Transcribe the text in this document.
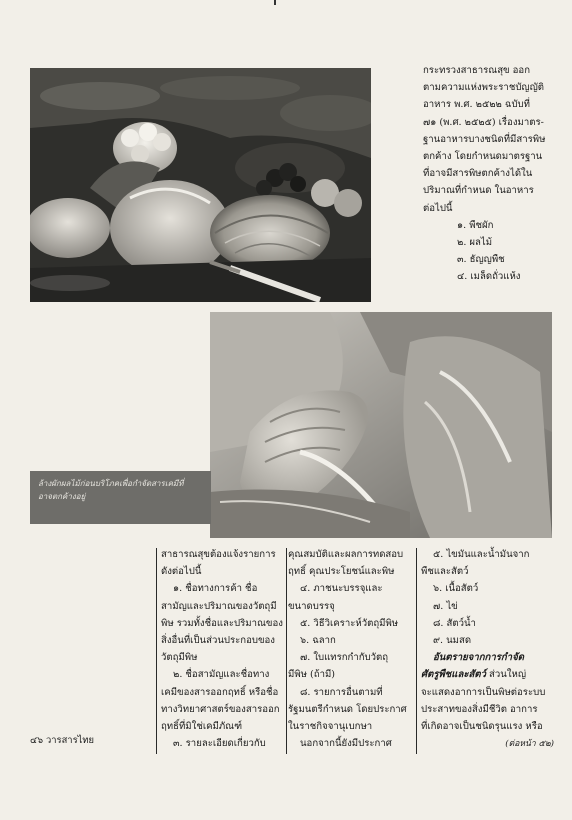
กระทรวงสาธารณสุข ออก

ตามความแห่งพระราชบัญญัติ

อาหาร พ.ศ. ๒๕๒๒ ฉบับที่

๗๑ (พ.ศ. ๒๕๒๕) เรื่องมาตร-

ฐานอาหารบางชนิดที่มีสารพิษ

ตกค้าง โดยกำหนดมาตรฐาน

ที่อาจมีสารพิษตกค้างได้ใน

ปริมาณที่กำหนด ในอาหาร

ต่อไปนี้

๑. พืชผัก

๒. ผลไม้

๓. ธัญญพืช

๔. เมล็ดถั่วแห้ง

ล้างผักผลไม้ก่อนบริโภคเพื่อกำจัดสารเคมีที่
อาจตกค้างอยู่

สาธารณสุขต้องแจ้งรายการ

ดังต่อไปนี้

๑. ชื่อทางการค้า ชื่อ

สามัญและปริมาณของวัตถุมี

พิษ รวมทั้งชื่อและปริมาณของ

สิ่งอื่นที่เป็นส่วนประกอบของ

วัตถุมีพิษ

๒. ชื่อสามัญและชื่อทาง

เคมีของสารออกฤทธิ์ หรือชื่อ

ทางวิทยาศาสตร์ของสารออก

ฤทธิ์ที่มิใช่เคมีภัณฑ์

๓. รายละเอียดเกี่ยวกับ

คุณสมบัติและผลการทดสอบ

ฤทธิ์ คุณประโยชน์และพิษ

๔. ภาชนะบรรจุและ

ขนาดบรรจุ

๕. วิธีวิเคราะห์วัตถุมีพิษ

๖. ฉลาก

๗. ใบแทรกกำกับวัตถุ

มีพิษ (ถ้ามี)

๘. รายการอื่นตามที่

รัฐมนตรีกำหนด โดยประกาศ

ในราชกิจจานุเบกษา

นอกจากนี้ยังมีประกาศ

๕. ไขมันและน้ำมันจาก

พืชและสัตว์

๖. เนื้อสัตว์

๗. ไข่

๘. สัตว์น้ำ

๙. นมสด

อันตรายจากการกำจัด

ศัตรูพืชและสัตว์ ส่วนใหญ่

จะแสดงอาการเป็นพิษต่อระบบ

ประสาทของสิ่งมีชีวิต อาการ

ที่เกิดอาจเป็นชนิดรุนแรง หรือ

(ต่อหน้า ๕๒)

๔๖ วารสารไทย
